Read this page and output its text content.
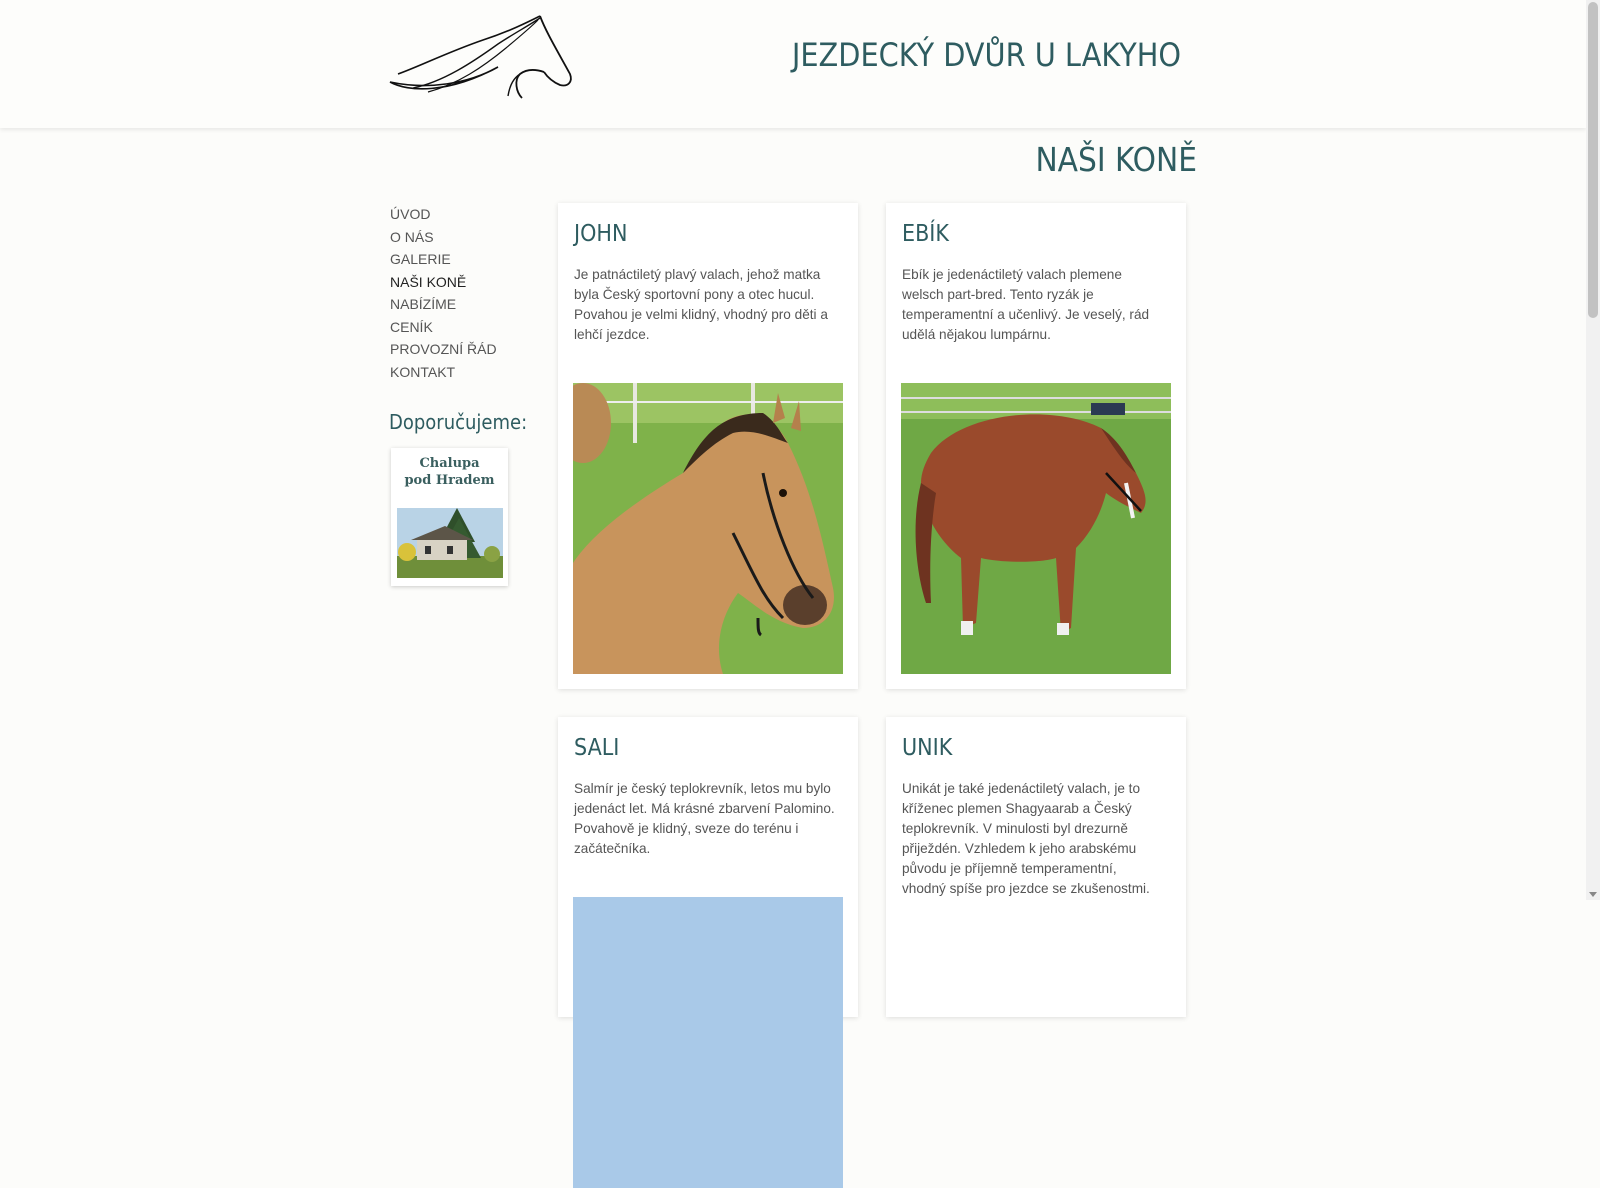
JEZDECKÝ DVŮR U LAKYHO
NAŠI KONĚ
ÚVOD
O NÁS
GALERIE
NAŠI KONĚ
NABÍZÍME
CENÍK
PROVOZNÍ ŘÁD
KONTAKT
Doporučujeme:
Chalupa
pod Hradem
JOHN

Je patnáctiletý plavý valach, jehož matka byla Český sportovní pony a otec hucul. Povahou je velmi klidný, vhodný pro děti a lehčí jezdce.

EBÍK

Ebík je jedenáctiletý valach plemene welsch part-bred. Tento ryzák je temperamentní a učenlivý. Je veselý, rád udělá nějakou lumpárnu.

SALI

Salmír je český teplokrevník, letos mu bylo jedenáct let. Má krásné zbarvení Palomino. Povahově je klidný, sveze do terénu i začátečníka.

UNIK

Unikát je také jedenáctiletý valach, je to kříženec plemen Shagyaarab a Český teplokrevník. V minulosti byl drezurně přiježdén. Vzhledem k jeho arabskému původu je příjemně temperamentní, vhodný spíše pro jezdce se zkušenostmi.
